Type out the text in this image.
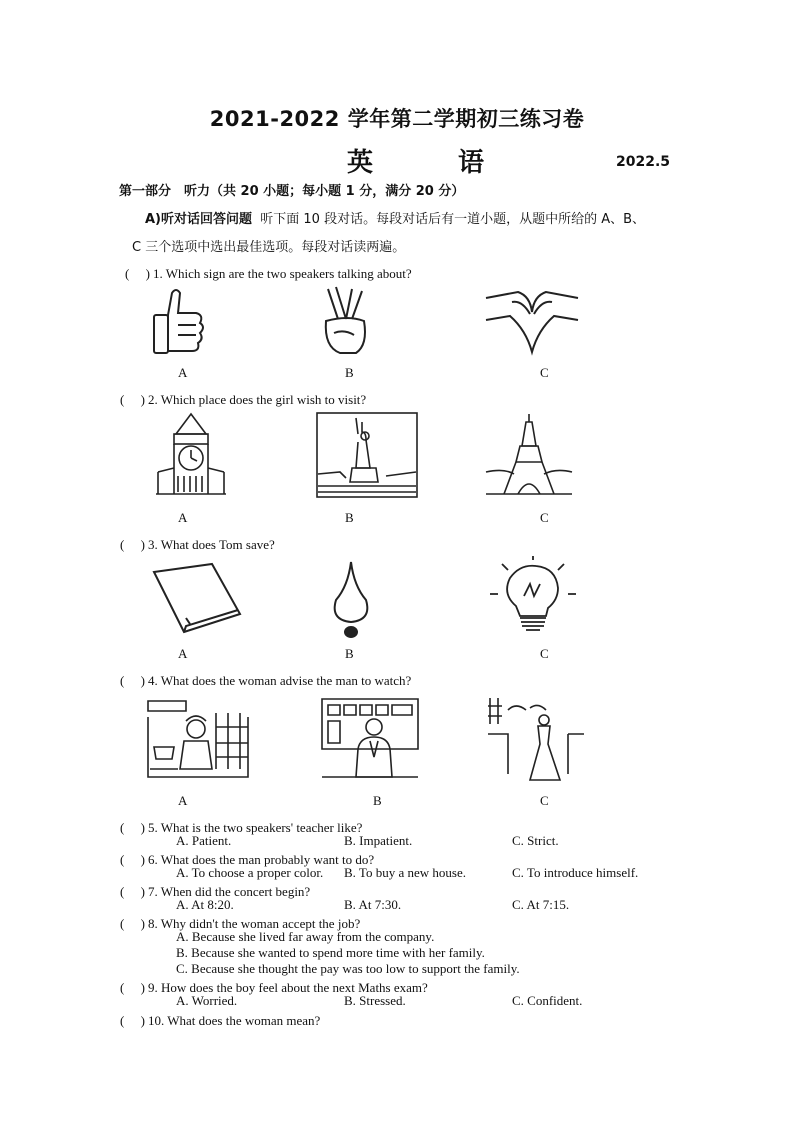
2021-2022 学年第二学期初三练习卷
英 语	2022.5
第一部分　听力（共 20 小题；每小题 1 分，满分 20 分）
A)听对话回答问题 听下面 10 段对话。每段对话后有一道小题，从题中所给的 A、B、
C 三个选项中选出最佳选项。每段对话读两遍。
(　 ) 1. Which sign are the two speakers talking about?
A	B	C
(　 ) 2. Which place does the girl wish to visit?
A	B	C
(　 ) 3. What does Tom save?
A	B	C
(　 ) 4. What does the woman advise the man to watch?
A	B	C
(　 ) 5. What is the two speakers' teacher like?
A. Patient.	B. Impatient.	C. Strict.
(　 ) 6. What does the man probably want to do?
A. To choose a proper color. B. To buy a new house.	C. To introduce himself.
(　 ) 7. When did the concert begin?
A. At 8:20.	B. At 7:30.	C. At 7:15.
(　 ) 8. Why didn't the woman accept the job?
A. Because she lived far away from the company.
B. Because she wanted to spend more time with her family.
C. Because she thought the pay was too low to support the family.
(　 ) 9. How does the boy feel about the next Maths exam?
A. Worried.	B. Stressed.	C. Confident.
(　 ) 10. What does the woman mean?
